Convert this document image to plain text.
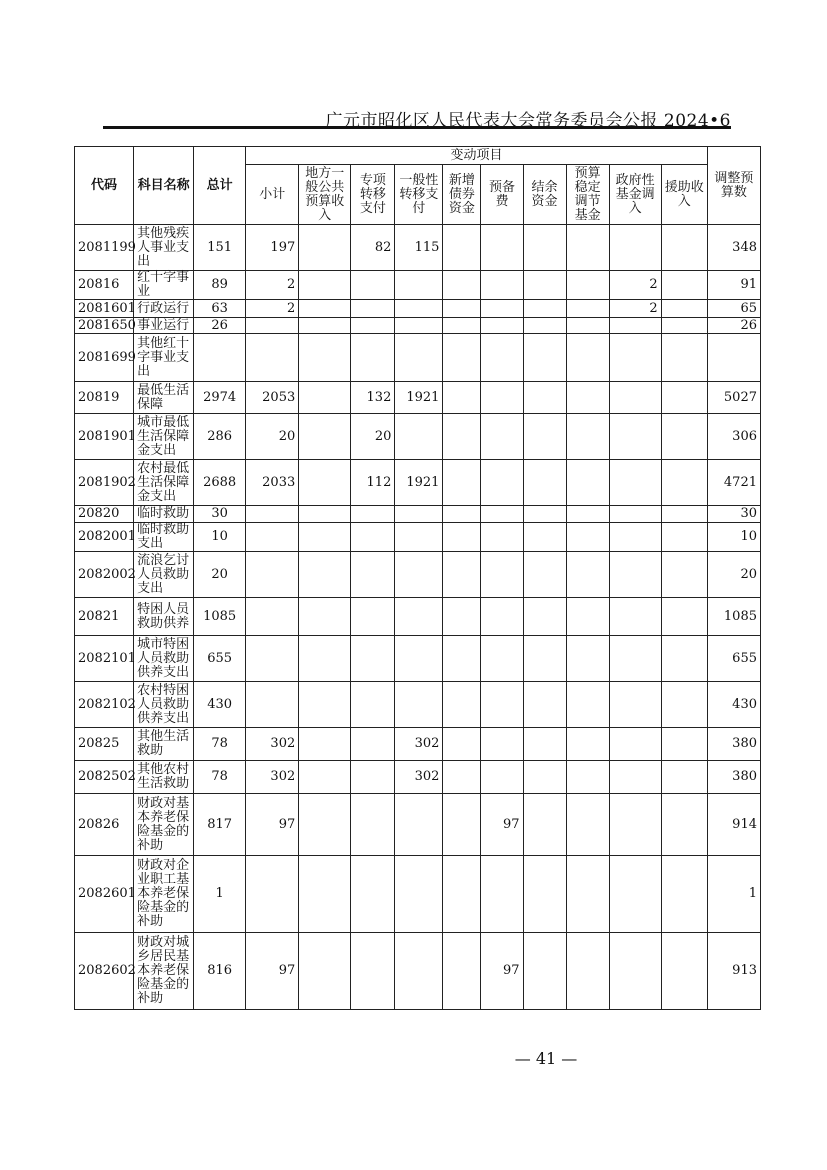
广元市昭化区人民代表大会常务委员会公报 2024•6
代码	科目名称	总计	变动项目										调整预算数
			小计	地方一般公共预算收入	专项转移支付	一般性转移支付	新增债券资金	预备费	结余资金	预算稳定调节基金	政府性基金调入	援助收入	
2081199	其他残疾人事业支出	151	197		82	115							348
20816	红十字事业	89	2								2		91
2081601	行政运行	63	2								2		65
2081650	事业运行	26											26
2081699	其他红十字事业支出												
20819	最低生活保障	2974	2053		132	1921							5027
2081901	城市最低生活保障金支出	286	20		20								306
2081902	农村最低生活保障金支出	2688	2033		112	1921							4721
20820	临时救助	30											30
2082001	临时救助支出	10											10
2082002	流浪乞讨人员救助支出	20											20
20821	特困人员救助供养	1085											1085
2082101	城市特困人员救助供养支出	655											655
2082102	农村特困人员救助供养支出	430											430
20825	其他生活救助	78	302			302							380
2082502	其他农村生活救助	78	302			302							380
20826	财政对基本养老保险基金的补助	817	97					97					914
2082601	财政对企业职工基本养老保险基金的补助	1											1
2082602	财政对城乡居民基本养老保险基金的补助	816	97					97					913
— 41 —
